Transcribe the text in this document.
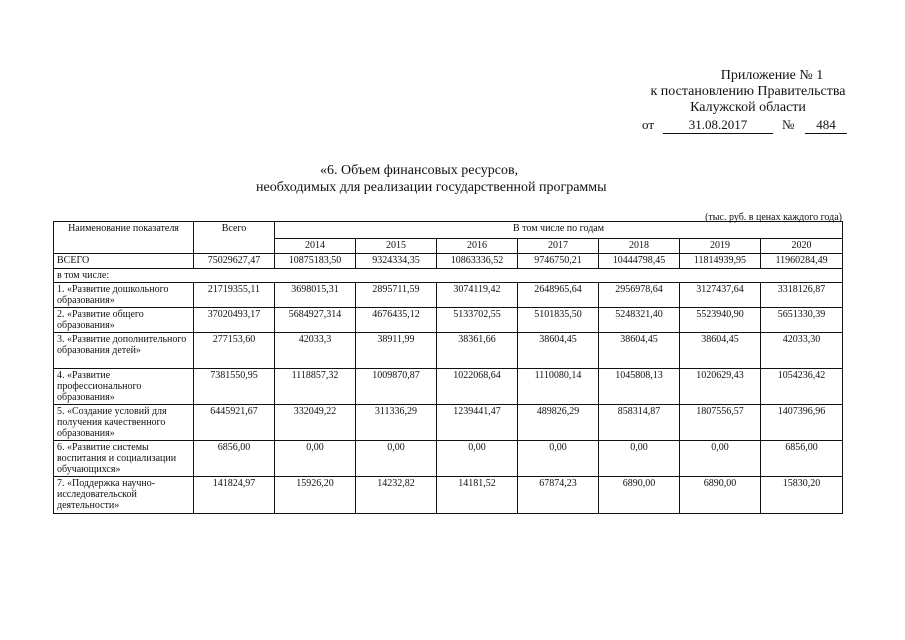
Приложение № 1
к постановлению Правительства
Калужской области
от	31.08.2017	№	484
«6. Объем финансовых ресурсов,
необходимых для реализации государственной программы
(тыс. руб. в ценах каждого года)
Наименование показателя	Всего	В том числе по годам						
		2014	2015	2016	2017	2018	2019	2020
ВСЕГО	75029627,47	10875183,50	9324334,35	10863336,52	9746750,21	10444798,45	11814939,95	11960284,49
в том числе:								
1. «Развитие дошкольного образования»	21719355,11	3698015,31	2895711,59	3074119,42	2648965,64	2956978,64	3127437,64	3318126,87
2. «Развитие общего образования»	37020493,17	5684927,314	4676435,12	5133702,55	5101835,50	5248321,40	5523940,90	5651330,39
3. «Развитие дополнительного образования детей»	277153,60	42033,3	38911,99	38361,66	38604,45	38604,45	38604,45	42033,30
4. «Развитие профессионального образования»	7381550,95	1118857,32	1009870,87	1022068,64	1110080,14	1045808,13	1020629,43	1054236,42
5. «Создание условий для получения качественного образования»	6445921,67	332049,22	311336,29	1239441,47	489826,29	858314,87	1807556,57	1407396,96
6. «Развитие системы воспитания и социализации обучающихся»	6856,00	0,00	0,00	0,00	0,00	0,00	0,00	6856,00
7. «Поддержка научно-исследовательской деятельности»	141824,97	15926,20	14232,82	14181,52	67874,23	6890,00	6890,00	15830,20
